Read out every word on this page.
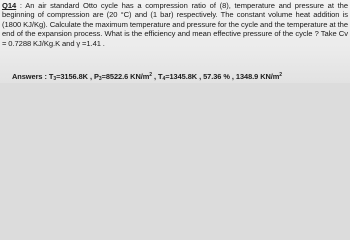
Q14 : An air standard Otto cycle has a compression ratio of (8), temperature and pressure at the beginning of compression are (20 °C) and (1 bar) respectively. The constant volume heat addition is (1800 KJ/Kg). Calculate the maximum temperature and pressure for the cycle and the temperature at the end of the expansion process. What is the efficiency and mean effective pressure of the cycle ? Take Cv = 0.7288 KJ/Kg.K and γ =1.41 .
Answers : $T_3=3156.8K$ , $P_3=8522.6$ $KN/m^2$ , $T_4=1345.8K$ , 57.36 % , 1348.9 $KN/m^2$
